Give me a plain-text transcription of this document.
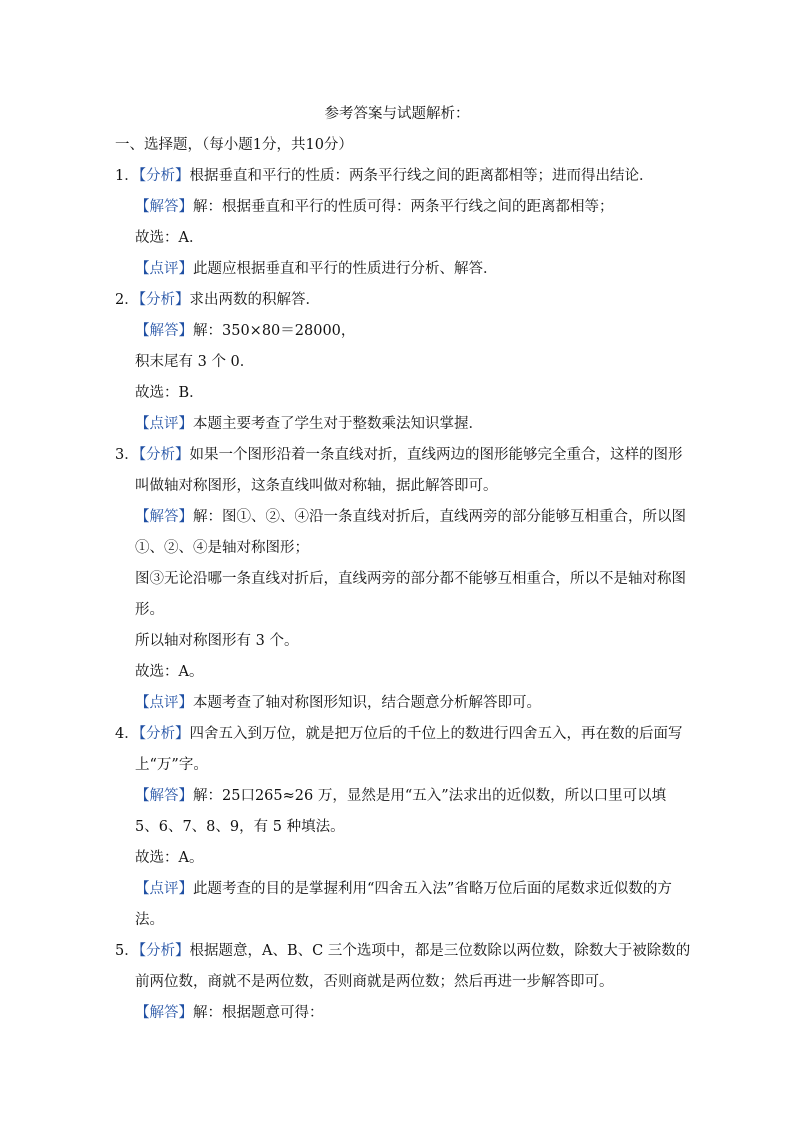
参考答案与试题解析：
一、选择题，（每小题1分，共10分）
1．【分析】根据垂直和平行的性质：两条平行线之间的距离都相等；进而得出结论．
【解答】解：根据垂直和平行的性质可得：两条平行线之间的距离都相等；
故选：A．
【点评】此题应根据垂直和平行的性质进行分析、解答．
2．【分析】求出两数的积解答．
【解答】解：350×80＝28000，
积末尾有 3 个 0．
故选：B．
【点评】本题主要考查了学生对于整数乘法知识掌握．
3．【分析】如果一个图形沿着一条直线对折，直线两边的图形能够完全重合，这样的图形
叫做轴对称图形，这条直线叫做对称轴，据此解答即可。
【解答】解：图①、②、④沿一条直线对折后，直线两旁的部分能够互相重合，所以图
①、②、④是轴对称图形；
图③无论沿哪一条直线对折后，直线两旁的部分都不能够互相重合，所以不是轴对称图
形。
所以轴对称图形有 3 个。
故选：A。
【点评】本题考查了轴对称图形知识，结合题意分析解答即可。
4．【分析】四舍五入到万位，就是把万位后的千位上的数进行四舍五入，再在数的后面写
上“万”字。
【解答】解：25口265≈26 万，显然是用“五入”法求出的近似数，所以口里可以填
5、6、7、8、9，有 5 种填法。
故选：A。
【点评】此题考查的目的是掌握利用“四舍五入法”省略万位后面的尾数求近似数的方
法。
5．【分析】根据题意，A、B、C 三个选项中，都是三位数除以两位数，除数大于被除数的
前两位数，商就不是两位数，否则商就是两位数；然后再进一步解答即可。
【解答】解：根据题意可得：
